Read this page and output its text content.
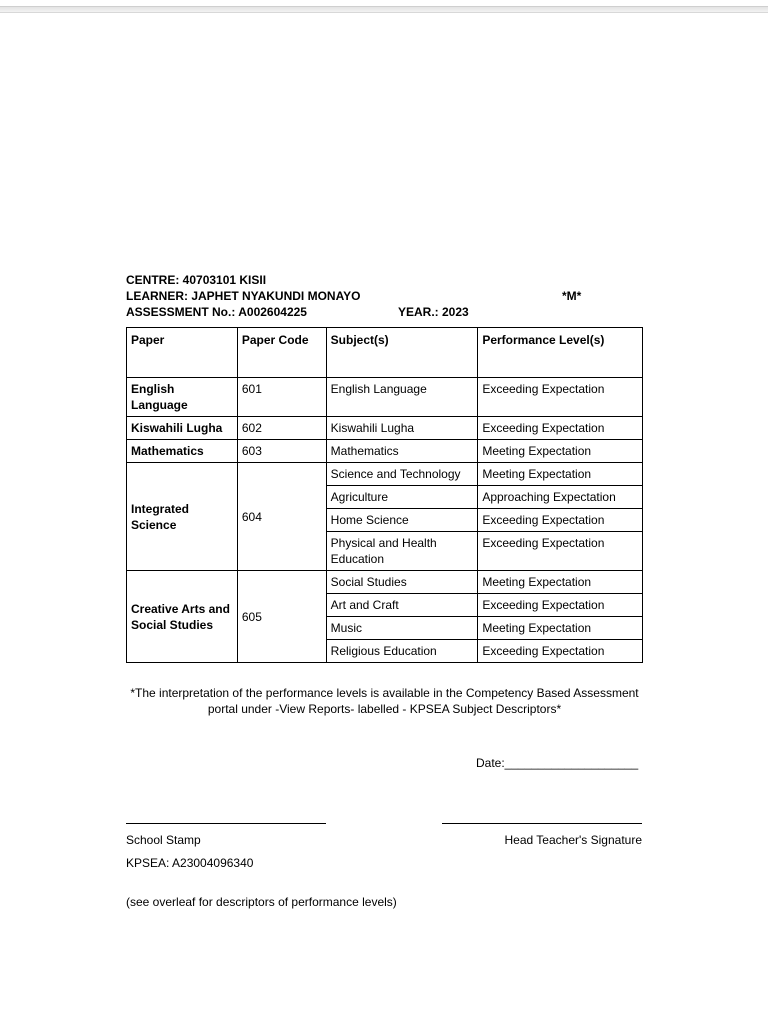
CENTRE: 40703101 KISII
LEARNER: JAPHET NYAKUNDI MONAYO	*M*
ASSESSMENT No.: A002604225	YEAR.: 2023
Paper	Paper Code	Subject(s)	Performance Level(s)
English Language	601	English Language	Exceeding Expectation
Kiswahili Lugha	602	Kiswahili Lugha	Exceeding Expectation
Mathematics	603	Mathematics	Meeting Expectation
Integrated Science	604	Science and Technology	Meeting Expectation
		Agriculture	Approaching Expectation
		Home Science	Exceeding Expectation
		Physical and Health Education	Exceeding Expectation
Creative Arts and Social Studies	605	Social Studies	Meeting Expectation
		Art and Craft	Exceeding Expectation
		Music	Meeting Expectation
		Religious Education	Exceeding Expectation
*The interpretation of the performance levels is available in the Competency Based Assessment portal under -View Reports- labelled - KPSEA Subject Descriptors*
Date:____________________
School Stamp	Head Teacher's Signature
KPSEA: A23004096340
(see overleaf for descriptors of performance levels)
